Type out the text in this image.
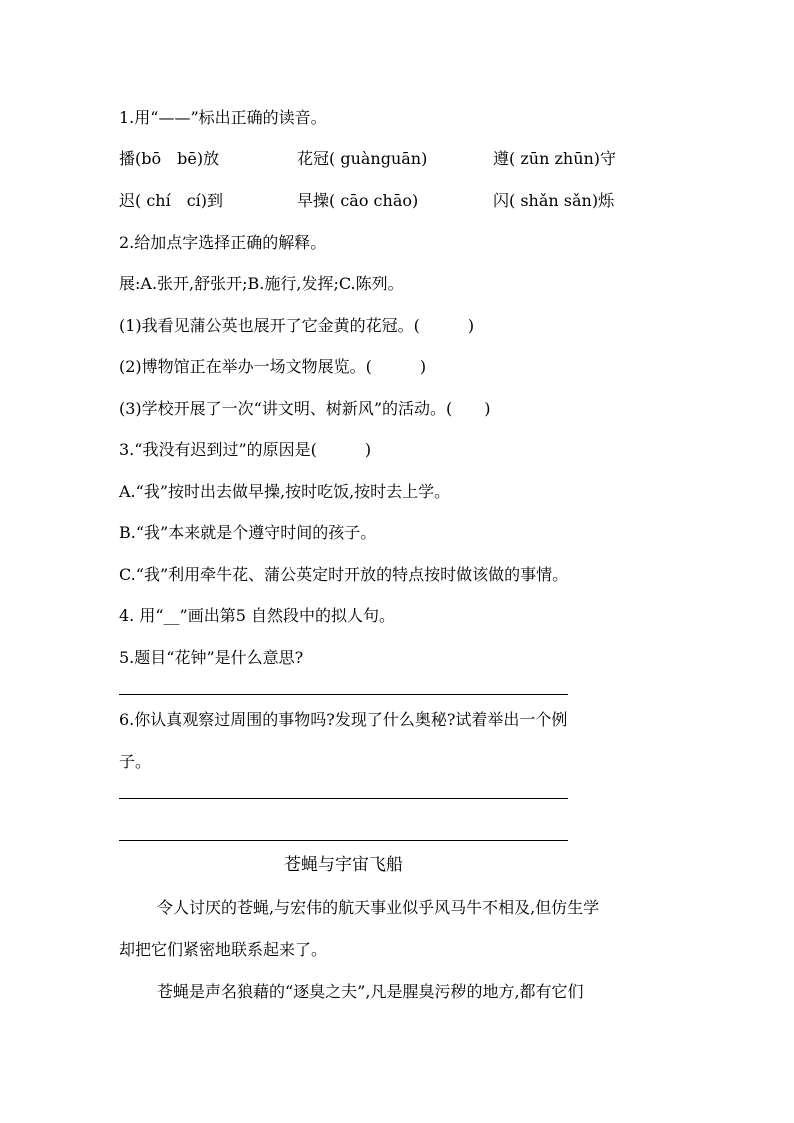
1.用“——”标出正确的读音。
播(bō　bē)放	花冠( guànguān)	遵( zūn zhūn)守
迟( chí　cí)到	早操( cāo chāo)	闪( shǎn sǎn)烁
2.给加点字选择正确的解释。
展:A.张开,舒张开;B.施行,发挥;C.陈列。
(1)我看见蒲公英也展开了它金黄的花冠。(　　　)
(2)博物馆正在举办一场文物展览。(　　　)
(3)学校开展了一次“讲文明、树新风”的活动。(　　)
3.“我没有迟到过”的原因是(　　　)
A.“我”按时出去做早操,按时吃饭,按时去上学。
B.“我”本来就是个遵守时间的孩子。
C.“我”利用牵牛花、蒲公英定时开放的特点按时做该做的事情。
4. 用“__”画出第5 自然段中的拟人句。
5.题目“花钟”是什么意思?
6.你认真观察过周围的事物吗?发现了什么奥秘?试着举出一个例
子。
苍蝇与宇宙飞船
令人讨厌的苍蝇,与宏伟的航天事业似乎风马牛不相及,但仿生学
却把它们紧密地联系起来了。
苍蝇是声名狼藉的“逐臭之夫”,凡是腥臭污秽的地方,都有它们
